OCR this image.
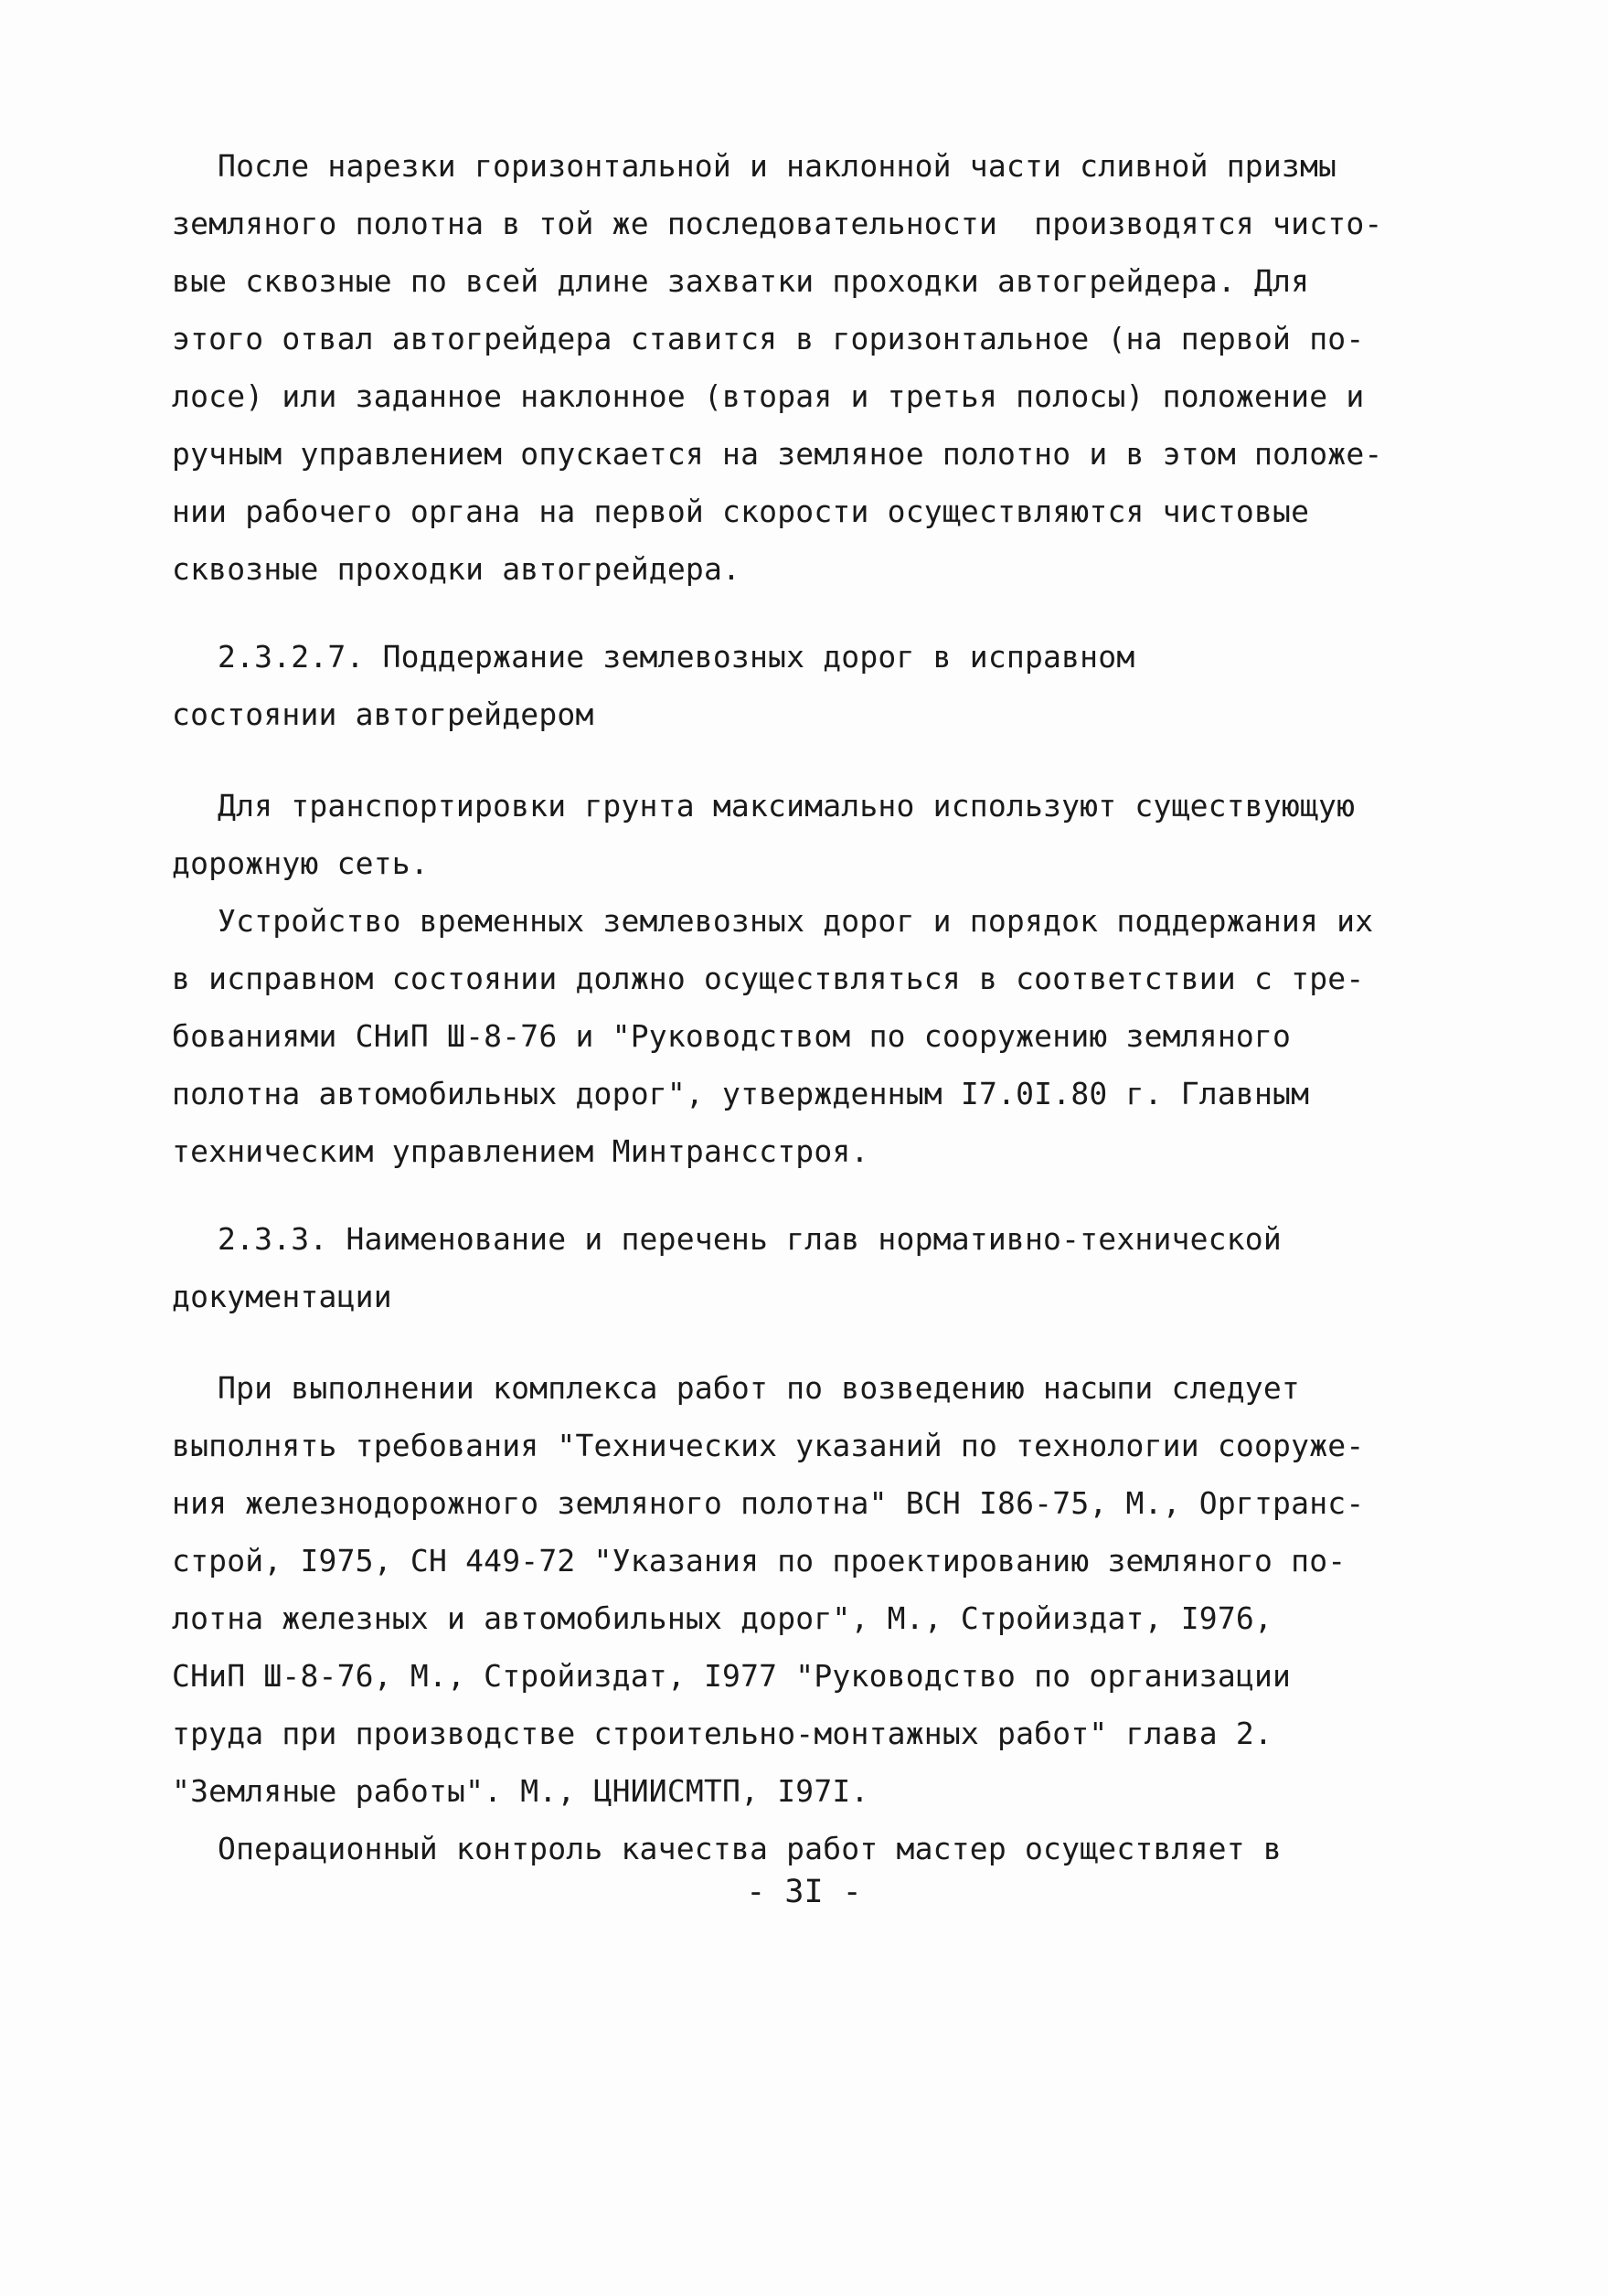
После нарезки горизонтальной и наклонной части сливной призмы
земляного полотна в той же последовательности  производятся чисто-
вые сквозные по всей длине захватки проходки автогрейдера. Для
этого отвал автогрейдера ставится в горизонтальное (на первой по-
лосе) или заданное наклонное (вторая и третья полосы) положение и
ручным управлением опускается на земляное полотно и в этом положе-
нии рабочего органа на первой скорости осуществляются чистовые
сквозные проходки автогрейдера.
2.3.2.7. Поддержание землевозных дорог в исправном
состоянии автогрейдером
Для транспортировки грунта максимально используют существующую
дорожную сеть.
Устройство временных землевозных дорог и порядок поддержания их
в исправном состоянии должно осуществляться в соответствии с тре-
бованиями СНиП Ш-8-76 и "Руководством по сооружению земляного
полотна автомобильных дорог", утвержденным I7.0I.80 г. Главным
техническим управлением Минтрансстроя.
2.3.3. Наименование и перечень глав нормативно-технической
документации
При выполнении комплекса работ по возведению насыпи следует
выполнять требования "Технических указаний по технологии сооруже-
ния железнодорожного земляного полотна" ВСН I86-75, М., Оргтранс-
строй, I975, СН 449-72 "Указания по проектированию земляного по-
лотна железных и автомобильных дорог", М., Стройиздат, I976,
СНиП Ш-8-76, М., Стройиздат, I977 "Руководство по организации
труда при производстве строительно-монтажных работ" глава 2.
"Земляные работы". М., ЦНИИСМТП, I97I.
Операционный контроль качества работ мастер осуществляет в
- 3I -
